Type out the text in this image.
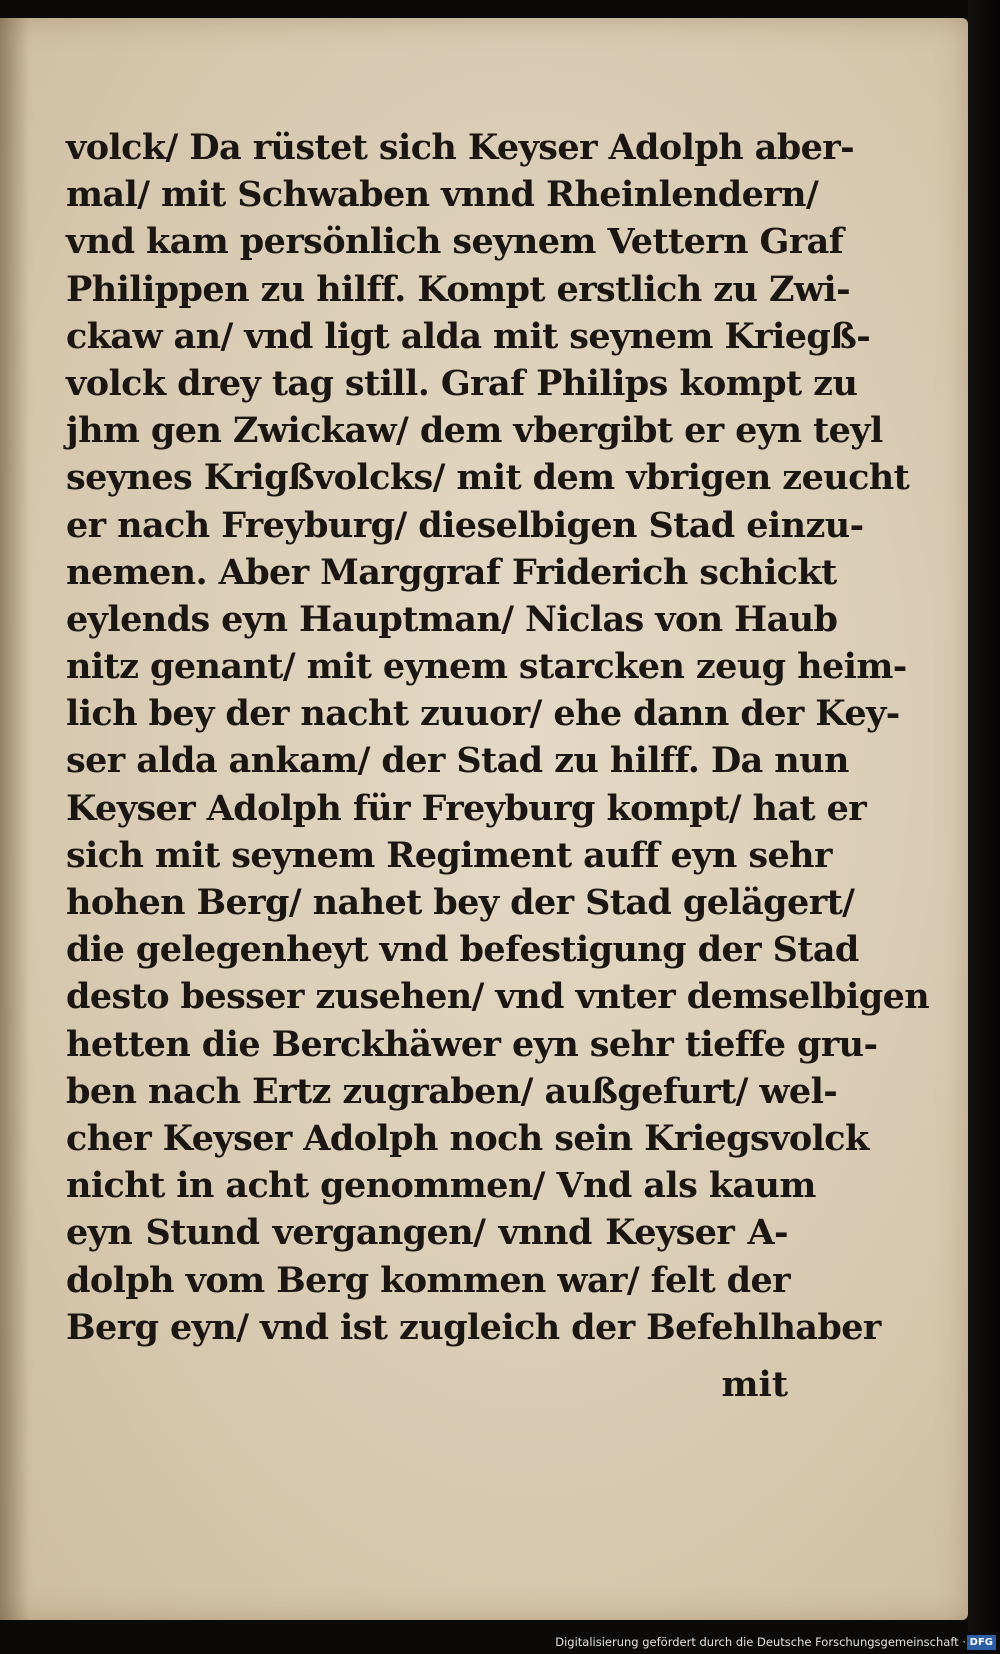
volck/ Da rüstet sich Keyser Adolph aber-
mal/ mit Schwaben vnnd Rheinlendern/
vnd kam persönlich seynem Vettern Graf
Philippen zu hilff. Kompt erstlich zu Zwi-
ckaw an/ vnd ligt alda mit seynem Kriegß-
volck drey tag still. Graf Philips kompt zu
jhm gen Zwickaw/ dem vbergibt er eyn teyl
seynes Krigßvolcks/ mit dem vbrigen zeucht
er nach Freyburg/ dieselbigen Stad einzu-
nemen. Aber Marggraf Friderich schickt
eylends eyn Hauptman/ Niclas von Haub
nitz genant/ mit eynem starcken zeug heim-
lich bey der nacht zuuor/ ehe dann der Key-
ser alda ankam/ der Stad zu hilff. Da nun
Keyser Adolph für Freyburg kompt/ hat er
sich mit seynem Regiment auff eyn sehr
hohen Berg/ nahet bey der Stad gelägert/
die gelegenheyt vnd befestigung der Stad
desto besser zusehen/ vnd vnter demselbigen
hetten die Berckhäwer eyn sehr tieffe gru-
ben nach Ertz zugraben/ außgefurt/ wel-
cher Keyser Adolph noch sein Kriegsvolck
nicht in acht genommen/ Vnd als kaum
eyn Stund vergangen/ vnnd Keyser A-
dolph vom Berg kommen war/ felt der
Berg eyn/ vnd ist zugleich der Befehlhaber
mit
Digitalisierung gefördert durch die Deutsche Forschungsgemeinschaft · DFG
